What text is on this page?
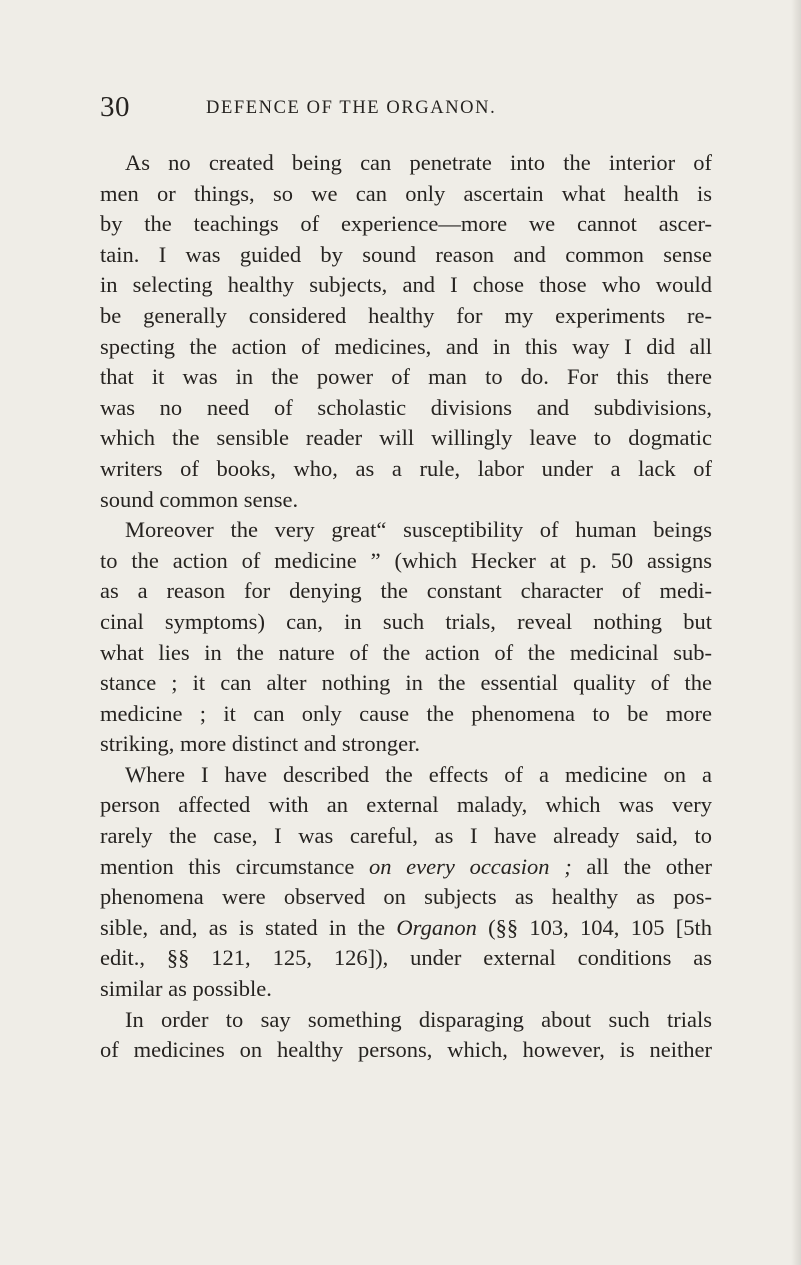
30	DEFENCE OF THE ORGANON.
As no created being can penetrate into the interior of
men or things, so we can only ascertain what health is
by the teachings of experience—more we cannot ascer-
tain. I was guided by sound reason and common sense
in selecting healthy subjects, and I chose those who would
be generally considered healthy for my experiments re-
specting the action of medicines, and in this way I did all
that it was in the power of man to do. For this there
was no need of scholastic divisions and subdivisions,
which the sensible reader will willingly leave to dogmatic
writers of books, who, as a rule, labor under a lack of
sound common sense.
Moreover the very great“ susceptibility of human beings
to the action of medicine ” (which Hecker at p. 50 assigns
as a reason for denying the constant character of medi-
cinal symptoms) can, in such trials, reveal nothing but
what lies in the nature of the action of the medicinal sub-
stance ; it can alter nothing in the essential quality of the
medicine ; it can only cause the phenomena to be more
striking, more distinct and stronger.
Where I have described the effects of a medicine on a
person affected with an external malady, which was very
rarely the case, I was careful, as I have already said, to
mention this circumstance on every occasion ; all the other
phenomena were observed on subjects as healthy as pos-
sible, and, as is stated in the Organon (§§ 103, 104, 105 [5th
edit., §§ 121, 125, 126]), under external conditions as
similar as possible.
In order to say something disparaging about such trials
of medicines on healthy persons, which, however, is neither
